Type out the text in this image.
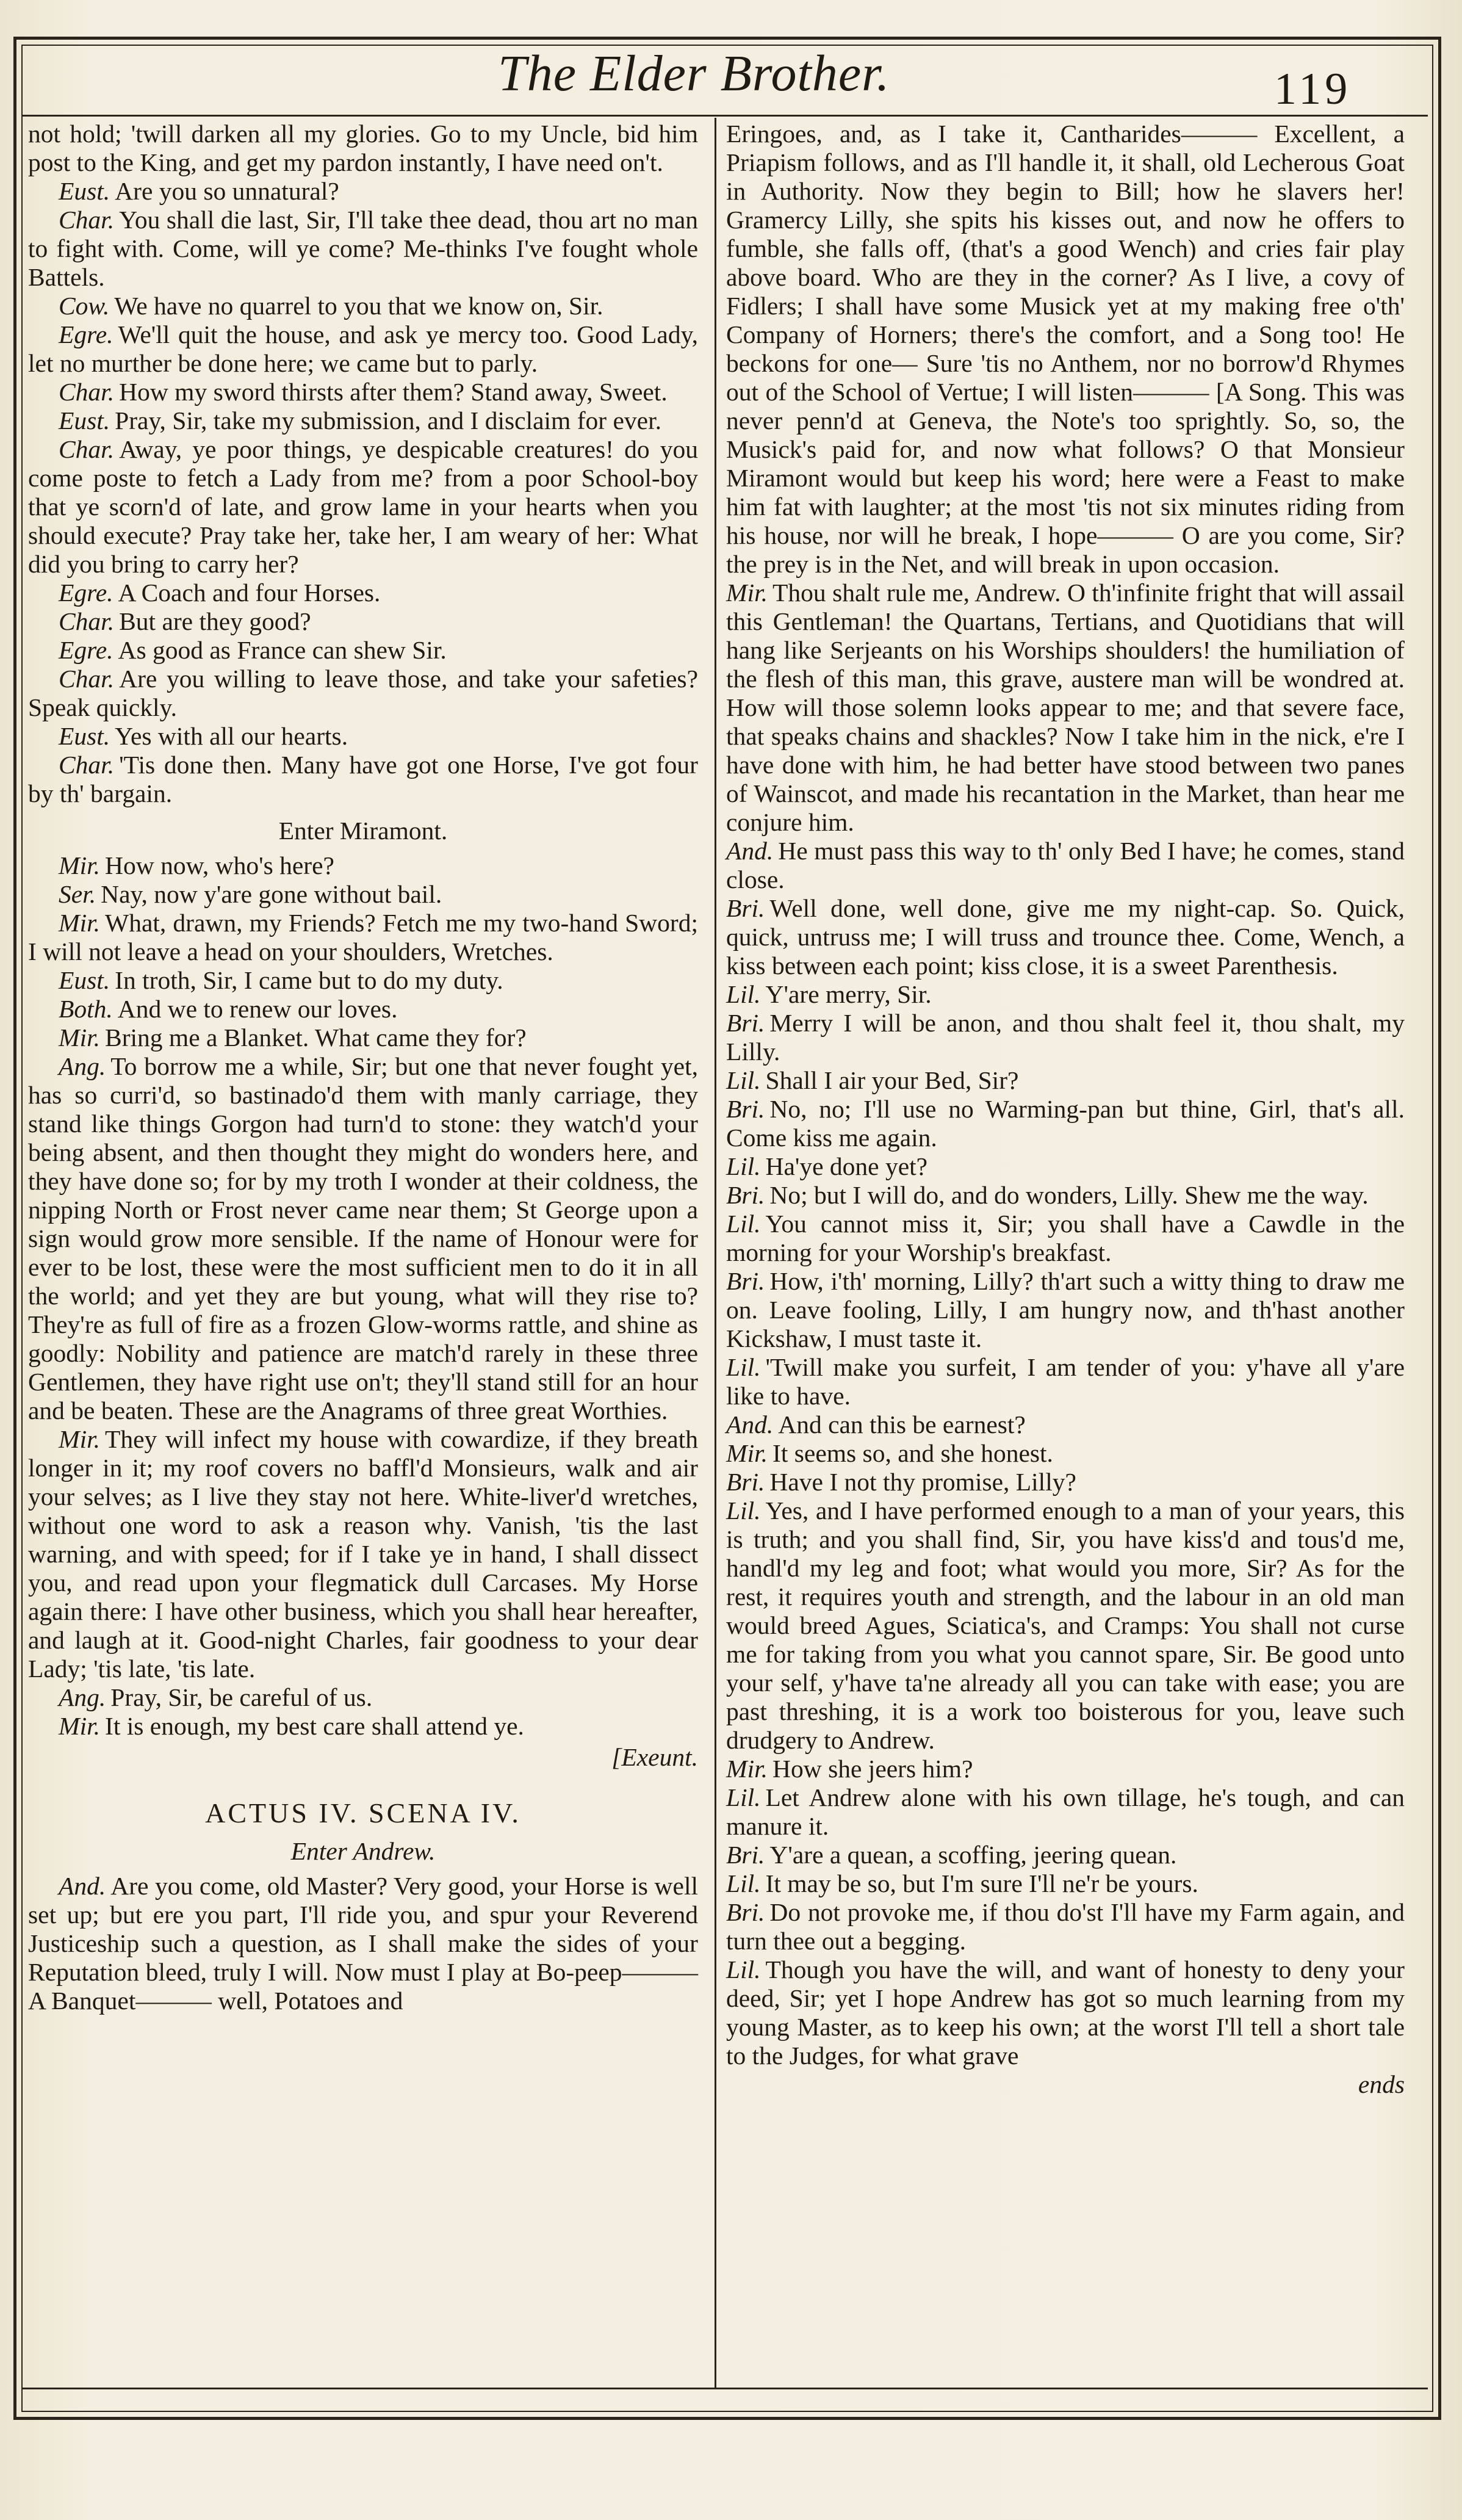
The Elder Brother.	119

not hold; 'twill darken all my glories. Go to my Uncle, bid him post to the King, and get my pardon instantly, I have need on't.

Eust. Are you so unnatural?

Char. You shall die last, Sir, I'll take thee dead, thou art no man to fight with. Come, will ye come? Me-thinks I've fought whole Battels.

Cow. We have no quarrel to you that we know on, Sir.

Egre. We'll quit the house, and ask ye mercy too. Good Lady, let no murther be done here; we came but to parly.

Char. How my sword thirsts after them? Stand away, Sweet.

Eust. Pray, Sir, take my submission, and I disclaim for ever.

Char. Away, ye poor things, ye despicable creatures! do you come poste to fetch a Lady from me? from a poor School-boy that ye scorn'd of late, and grow lame in your hearts when you should execute? Pray take her, take her, I am weary of her: What did you bring to carry her?

Egre. A Coach and four Horses.

Char. But are they good?

Egre. As good as France can shew Sir.

Char. Are you willing to leave those, and take your safeties? Speak quickly.

Eust. Yes with all our hearts.

Char. 'Tis done then. Many have got one Horse, I've got four by th' bargain.

Enter Miramont.

Mir. How now, who's here?

Ser. Nay, now y'are gone without bail.

Mir. What, drawn, my Friends? Fetch me my two-hand Sword; I will not leave a head on your shoulders, Wretches.

Eust. In troth, Sir, I came but to do my duty.

Both. And we to renew our loves.

Mir. Bring me a Blanket. What came they for?

Ang. To borrow me a while, Sir; but one that never fought yet, has so curri'd, so bastinado'd them with manly carriage, they stand like things Gorgon had turn'd to stone: they watch'd your being absent, and then thought they might do wonders here, and they have done so; for by my troth I wonder at their coldness, the nipping North or Frost never came near them; St George upon a sign would grow more sensible. If the name of Honour were for ever to be lost, these were the most sufficient men to do it in all the world; and yet they are but young, what will they rise to? They're as full of fire as a frozen Glow-worms rattle, and shine as goodly: Nobility and patience are match'd rarely in these three Gentlemen, they have right use on't; they'll stand still for an hour and be beaten. These are the Anagrams of three great Worthies.

Mir. They will infect my house with cowardize, if they breath longer in it; my roof covers no baffl'd Monsieurs, walk and air your selves; as I live they stay not here. White-liver'd wretches, without one word to ask a reason why. Vanish, 'tis the last warning, and with speed; for if I take ye in hand, I shall dissect you, and read upon your flegmatick dull Carcases. My Horse again there: I have other business, which you shall hear hereafter, and laugh at it. Good-night Charles, fair goodness to your dear Lady; 'tis late, 'tis late.

Ang. Pray, Sir, be careful of us.

Mir. It is enough, my best care shall attend ye.

[Exeunt.

ACTUS IV. SCENA IV.

Enter Andrew.

And. Are you come, old Master? Very good, your Horse is well set up; but ere you part, I'll ride you, and spur your Reverend Justiceship such a question, as I shall make the sides of your Reputation bleed, truly I will. Now must I play at Bo-peep——— A Banquet——— well, Potatoes and

Eringoes, and, as I take it, Cantharides——— Excellent, a Priapism follows, and as I'll handle it, it shall, old Lecherous Goat in Authority. Now they begin to Bill; how he slavers her! Gramercy Lilly, she spits his kisses out, and now he offers to fumble, she falls off, (that's a good Wench) and cries fair play above board. Who are they in the corner? As I live, a covy of Fidlers; I shall have some Musick yet at my making free o'th' Company of Horners; there's the comfort, and a Song too! He beckons for one— Sure 'tis no Anthem, nor no borrow'd Rhymes out of the School of Vertue; I will listen——— [A Song. This was never penn'd at Geneva, the Note's too sprightly. So, so, the Musick's paid for, and now what follows? O that Monsieur Miramont would but keep his word; here were a Feast to make him fat with laughter; at the most 'tis not six minutes riding from his house, nor will he break, I hope——— O are you come, Sir? the prey is in the Net, and will break in upon occasion.

Mir. Thou shalt rule me, Andrew. O th'infinite fright that will assail this Gentleman! the Quartans, Tertians, and Quotidians that will hang like Serjeants on his Worships shoulders! the humiliation of the flesh of this man, this grave, austere man will be wondred at. How will those solemn looks appear to me; and that severe face, that speaks chains and shackles? Now I take him in the nick, e're I have done with him, he had better have stood between two panes of Wainscot, and made his recantation in the Market, than hear me conjure him.

And. He must pass this way to th' only Bed I have; he comes, stand close.

Bri. Well done, well done, give me my night-cap. So. Quick, quick, untruss me; I will truss and trounce thee. Come, Wench, a kiss between each point; kiss close, it is a sweet Parenthesis.

Lil. Y'are merry, Sir.

Bri. Merry I will be anon, and thou shalt feel it, thou shalt, my Lilly.

Lil. Shall I air your Bed, Sir?

Bri. No, no; I'll use no Warming-pan but thine, Girl, that's all. Come kiss me again.

Lil. Ha'ye done yet?

Bri. No; but I will do, and do wonders, Lilly. Shew me the way.

Lil. You cannot miss it, Sir; you shall have a Cawdle in the morning for your Worship's breakfast.

Bri. How, i'th' morning, Lilly? th'art such a witty thing to draw me on. Leave fooling, Lilly, I am hungry now, and th'hast another Kickshaw, I must taste it.

Lil. 'Twill make you surfeit, I am tender of you: y'have all y'are like to have.

And. And can this be earnest?

Mir. It seems so, and she honest.

Bri. Have I not thy promise, Lilly?

Lil. Yes, and I have performed enough to a man of your years, this is truth; and you shall find, Sir, you have kiss'd and tous'd me, handl'd my leg and foot; what would you more, Sir? As for the rest, it requires youth and strength, and the labour in an old man would breed Agues, Sciatica's, and Cramps: You shall not curse me for taking from you what you cannot spare, Sir. Be good unto your self, y'have ta'ne already all you can take with ease; you are past threshing, it is a work too boisterous for you, leave such drudgery to Andrew.

Mir. How she jeers him?

Lil. Let Andrew alone with his own tillage, he's tough, and can manure it.

Bri. Y'are a quean, a scoffing, jeering quean.

Lil. It may be so, but I'm sure I'll ne'r be yours.

Bri. Do not provoke me, if thou do'st I'll have my Farm again, and turn thee out a begging.

Lil. Though you have the will, and want of honesty to deny your deed, Sir; yet I hope Andrew has got so much learning from my young Master, as to keep his own; at the worst I'll tell a short tale to the Judges, for what grave

ends
